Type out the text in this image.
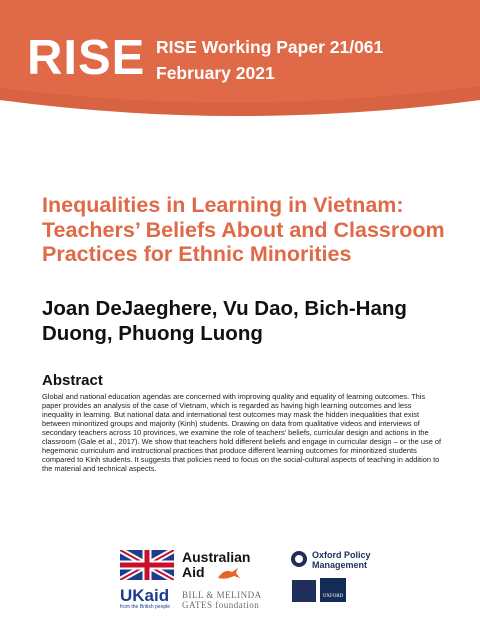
RISE RISE Working Paper 21/061
February 2021
Inequalities in Learning in Vietnam: Teachers’ Beliefs About and Classroom Practices for Ethnic Minorities
Joan DeJaeghere, Vu Dao, Bich-Hang Duong, Phuong Luong
Abstract

Global and national education agendas are concerned with improving quality and equality of learning outcomes. This paper provides an analysis of the case of Vietnam, which is regarded as having high learning outcomes and less inequality in learning. But national data and international test outcomes may mask the hidden inequalities that exist between minoritized groups and majority (Kinh) students. Drawing on data from qualitative videos and interviews of secondary teachers across 10 provinces, we examine the role of teachers’ beliefs, curricular design and actions in the classroom (Gale et al., 2017). We show that teachers hold different beliefs and engage in curricular design – or the use of hegemonic curriculum and instructional practices that produce different learning outcomes for minoritized students compared to Kinh students. It suggests that policies need to focus on the social-cultural aspects of teaching in addition to the material and technical aspects.

UKaid
from the British people
Australian Aid
BILL & MELINDA GATES foundation
Oxford Policy Management
OXFORD
